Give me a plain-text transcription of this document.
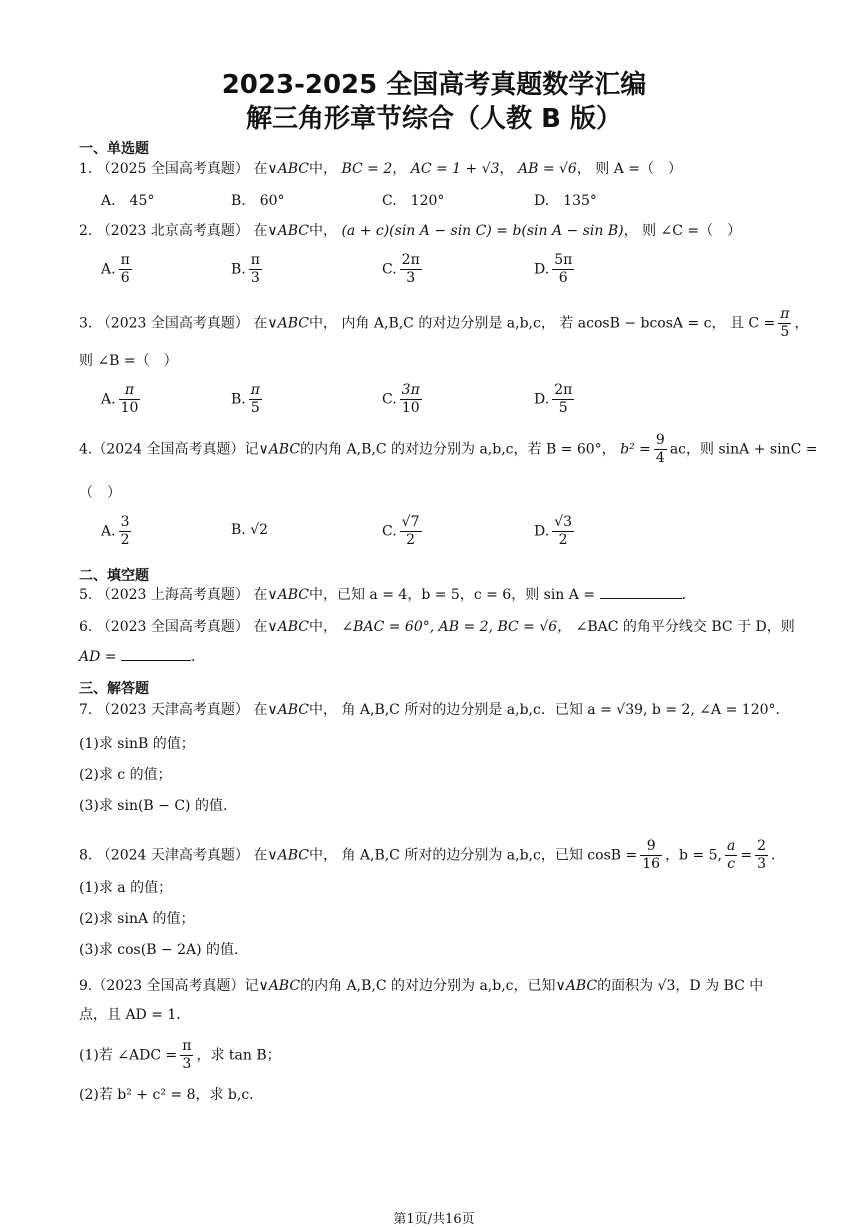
2023-2025 全国高考真题数学汇编
解三角形章节综合（人教 B 版）
一、单选题
1. （2025 全国高考真题） 在∨ABC中， BC = 2， AC = 1 + √3， AB = √6， 则 A =（　）
A.　45°	B.　60°	C.　120°	D.　135°
2. （2023 北京高考真题） 在∨ABC中， (a + c)(sin A − sin C) = b(sin A − sin B)， 则 ∠C =（　）
A. $\frac{\pi}{6}$	B. $\frac{\pi}{3}$	C. $\frac{2\pi}{3}$	D. $\frac{5\pi}{6}$
3. （2023 全国高考真题） 在∨ABC中， 内角 A,B,C 的对边分别是 a,b,c， 若 acosB − bcosA = c， 且 $C = \frac{\pi}{5}$ ，
则 ∠B =（　）
A. $\frac{\pi}{10}$	B. $\frac{\pi}{5}$	C. $\frac{3\pi}{10}$	D. $\frac{2\pi}{5}$
4.（2024 全国高考真题）记∨ABC的内角 A,B,C 的对边分别为 a,b,c，若 B = 60°， $b^2 = \frac{9}{4}$ ac，则 sinA + sinC =
（　）
A. $\frac{3}{2}$	B. √2	C. $\frac{√7}{2}$	D. $\frac{√3}{2}$
二、填空题
5. （2023 上海高考真题） 在∨ABC中，已知 a = 4，b = 5，c = 6，则 sin A =	.
6. （2023 全国高考真题） 在∨ABC中， ∠BAC = 60°, AB = 2, BC = √6， ∠BAC 的角平分线交 BC 于 D，则
AD =	.
三、解答题
7. （2023 天津高考真题） 在∨ABC中， 角 A,B,C 所对的边分别是 a,b,c．已知 a = √39, b = 2, ∠A = 120°．
(1)求 sinB 的值；
(2)求 c 的值；
(3)求 sin(B − C) 的值.
8. （2024 天津高考真题） 在∨ABC中， 角 A,B,C 所对的边分别为 a,b,c，已知 $\cos B = \frac{9}{16}$ ，b = 5, $\frac{a}{c} = \frac{2}{3}$ .
(1)求 a 的值；
(2)求 sinA 的值；
(3)求 cos(B − 2A) 的值.
9.（2023 全国高考真题）记∨ABC的内角 A,B,C 的对边分别为 a,b,c，已知∨ABC的面积为 √3，D 为 BC 中
点，且 AD = 1．
(1)若 ∠ADC = $\frac{\pi}{3}$ ，求 tan B；
(2)若 b² + c² = 8，求 b,c．
第1页/共16页
